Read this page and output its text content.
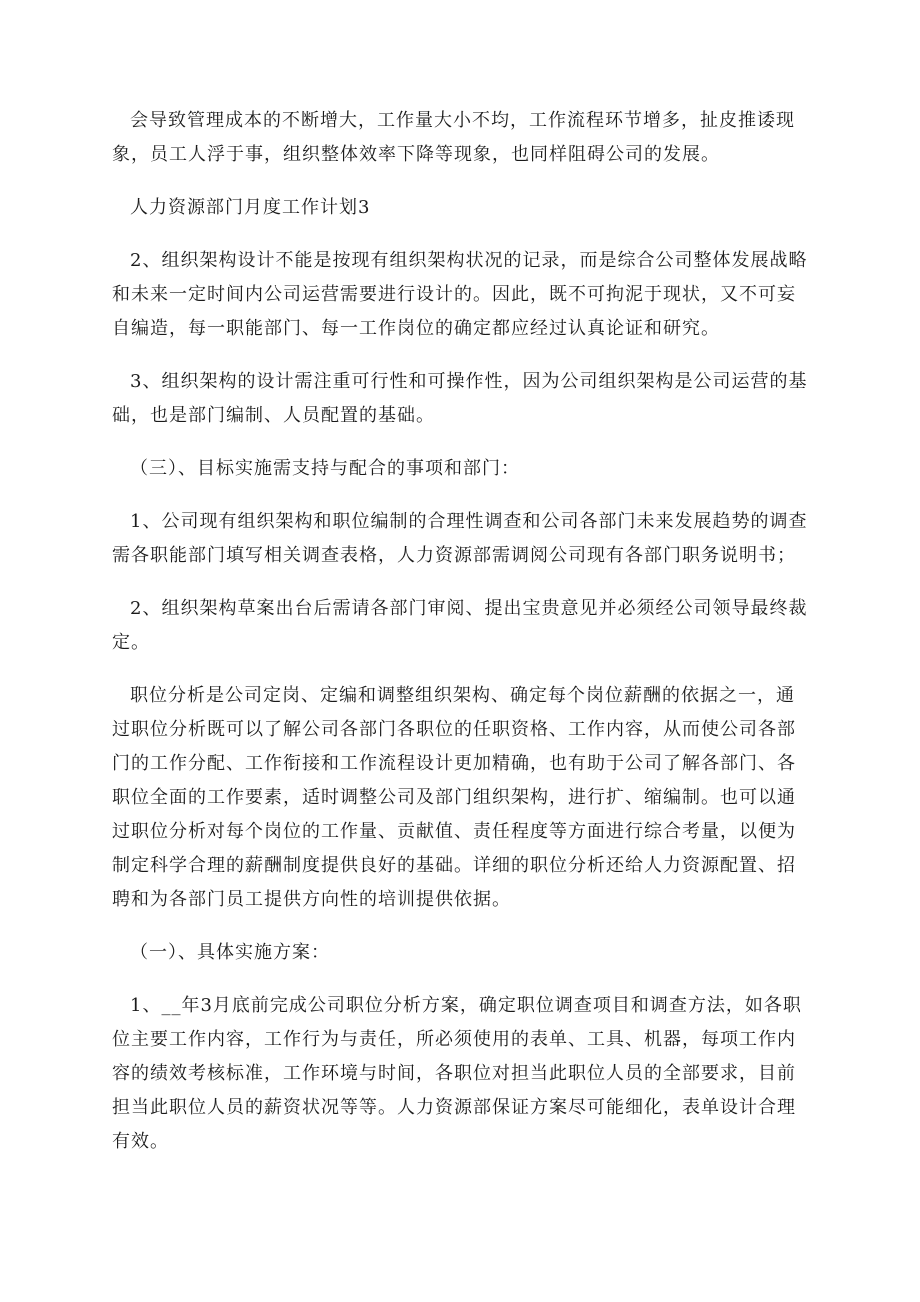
会导致管理成本的不断增大，工作量大小不均，工作流程环节增多，扯皮推诿现象，员工人浮于事，组织整体效率下降等现象，也同样阻碍公司的发展。

人力资源部门月度工作计划3

2、组织架构设计不能是按现有组织架构状况的记录，而是综合公司整体发展战略和未来一定时间内公司运营需要进行设计的。因此，既不可拘泥于现状，又不可妄自编造，每一职能部门、每一工作岗位的确定都应经过认真论证和研究。

3、组织架构的设计需注重可行性和可操作性，因为公司组织架构是公司运营的基础，也是部门编制、人员配置的基础。

（三）、目标实施需支持与配合的事项和部门：

1、公司现有组织架构和职位编制的合理性调查和公司各部门未来发展趋势的调查需各职能部门填写相关调查表格，人力资源部需调阅公司现有各部门职务说明书；

2、组织架构草案出台后需请各部门审阅、提出宝贵意见并必须经公司领导最终裁定。

职位分析是公司定岗、定编和调整组织架构、确定每个岗位薪酬的依据之一，通过职位分析既可以了解公司各部门各职位的任职资格、工作内容，从而使公司各部门的工作分配、工作衔接和工作流程设计更加精确，也有助于公司了解各部门、各职位全面的工作要素，适时调整公司及部门组织架构，进行扩、缩编制。也可以通过职位分析对每个岗位的工作量、贡献值、责任程度等方面进行综合考量，以便为制定科学合理的薪酬制度提供良好的基础。详细的职位分析还给人力资源配置、招聘和为各部门员工提供方向性的培训提供依据。

（一）、具体实施方案：

1、__年3月底前完成公司职位分析方案，确定职位调查项目和调查方法，如各职位主要工作内容，工作行为与责任，所必须使用的表单、工具、机器，每项工作内容的绩效考核标准，工作环境与时间，各职位对担当此职位人员的全部要求，目前担当此职位人员的薪资状况等等。人力资源部保证方案尽可能细化，表单设计合理有效。
